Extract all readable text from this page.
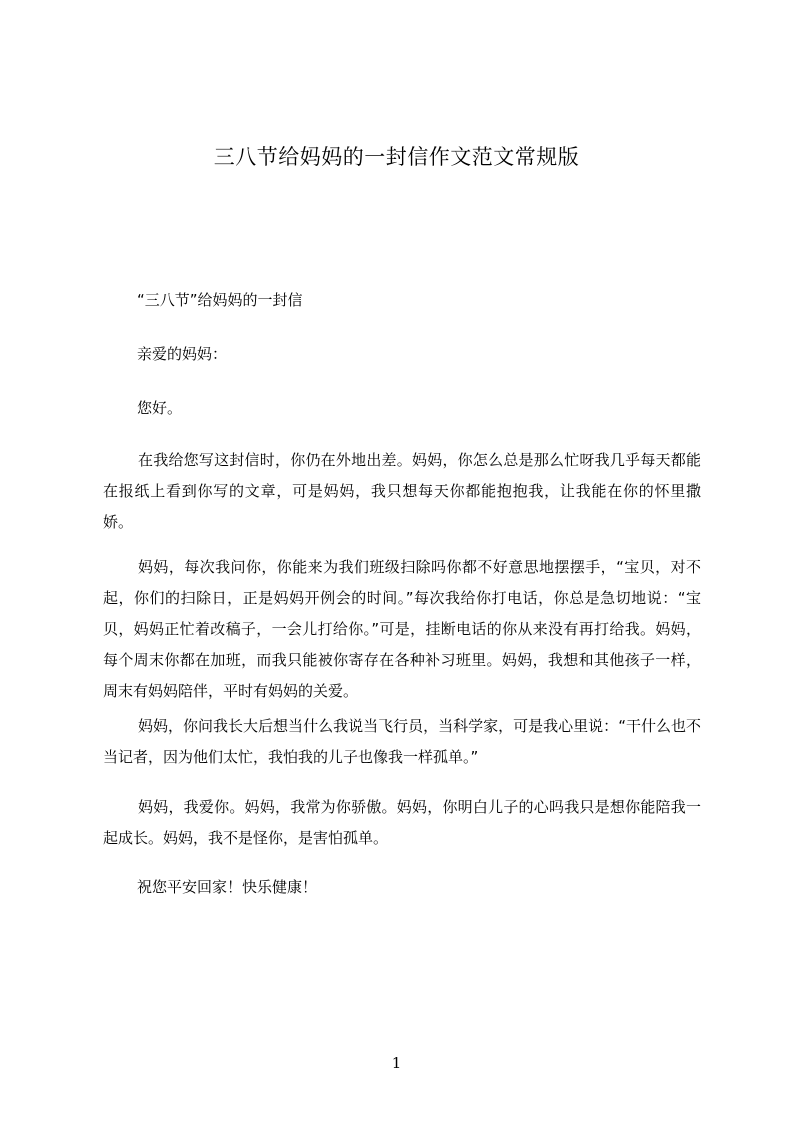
三八节给妈妈的一封信作文范文常规版
“三八节”给妈妈的一封信
亲爱的妈妈：
您好。
在我给您写这封信时，你仍在外地出差。妈妈，你怎么总是那么忙呀我几乎每天都能在报纸上看到你写的文章，可是妈妈，我只想每天你都能抱抱我，让我能在你的怀里撒娇。
妈妈，每次我问你，你能来为我们班级扫除吗你都不好意思地摆摆手，“宝贝，对不起，你们的扫除日，正是妈妈开例会的时间。”每次我给你打电话，你总是急切地说：“宝贝，妈妈正忙着改稿子，一会儿打给你。”可是，挂断电话的你从来没有再打给我。妈妈，每个周末你都在加班，而我只能被你寄存在各种补习班里。妈妈，我想和其他孩子一样，周末有妈妈陪伴，平时有妈妈的关爱。
妈妈，你问我长大后想当什么我说当飞行员，当科学家，可是我心里说：“干什么也不当记者，因为他们太忙，我怕我的儿子也像我一样孤单。”
妈妈，我爱你。妈妈，我常为你骄傲。妈妈，你明白儿子的心吗我只是想你能陪我一起成长。妈妈，我不是怪你，是害怕孤单。
祝您平安回家！快乐健康！
1
